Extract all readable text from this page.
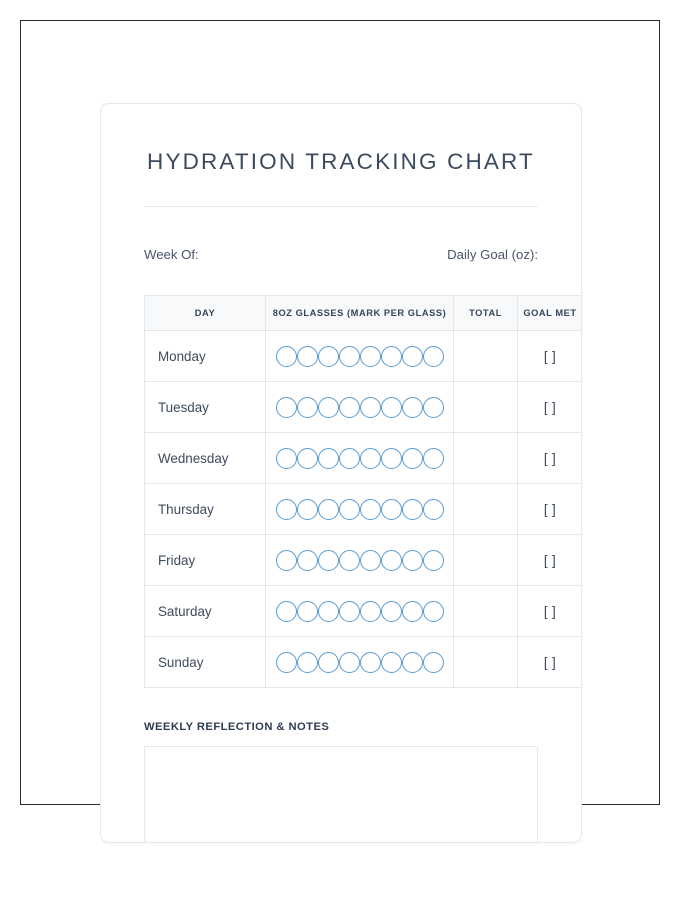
HYDRATION TRACKING CHART
Week Of:	Daily Goal (oz):
DAY	8OZ GLASSES (MARK PER GLASS)	TOTAL	GOAL MET
Monday			[ ]
Tuesday			[ ]
Wednesday			[ ]
Thursday			[ ]
Friday			[ ]
Saturday			[ ]
Sunday			[ ]
WEEKLY REFLECTION & NOTES
